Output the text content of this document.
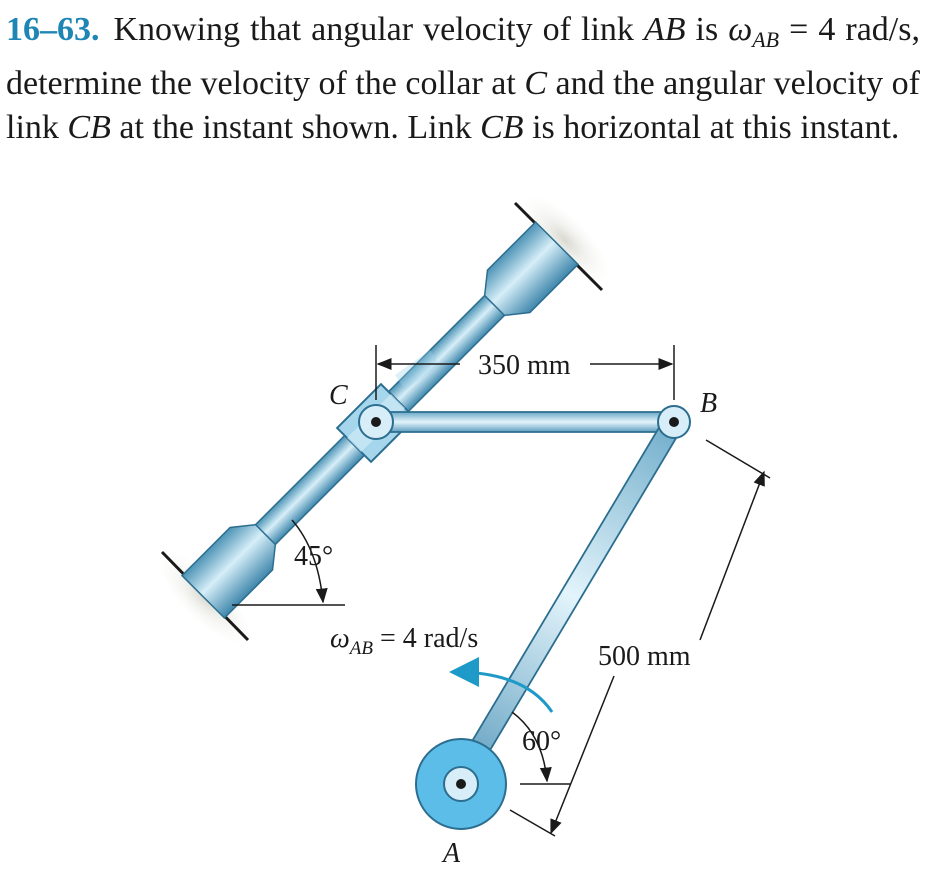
16–63. Knowing that angular velocity of link AB is $\omega_{AB} = 4$ rad/s, determine the velocity of the collar at C and the angular velocity of link CB at the instant shown. Link CB is horizontal at this instant.

350 mm
500 mm
45°
60°
$\omega_{AB} = 4$ rad/s
C	B
A
